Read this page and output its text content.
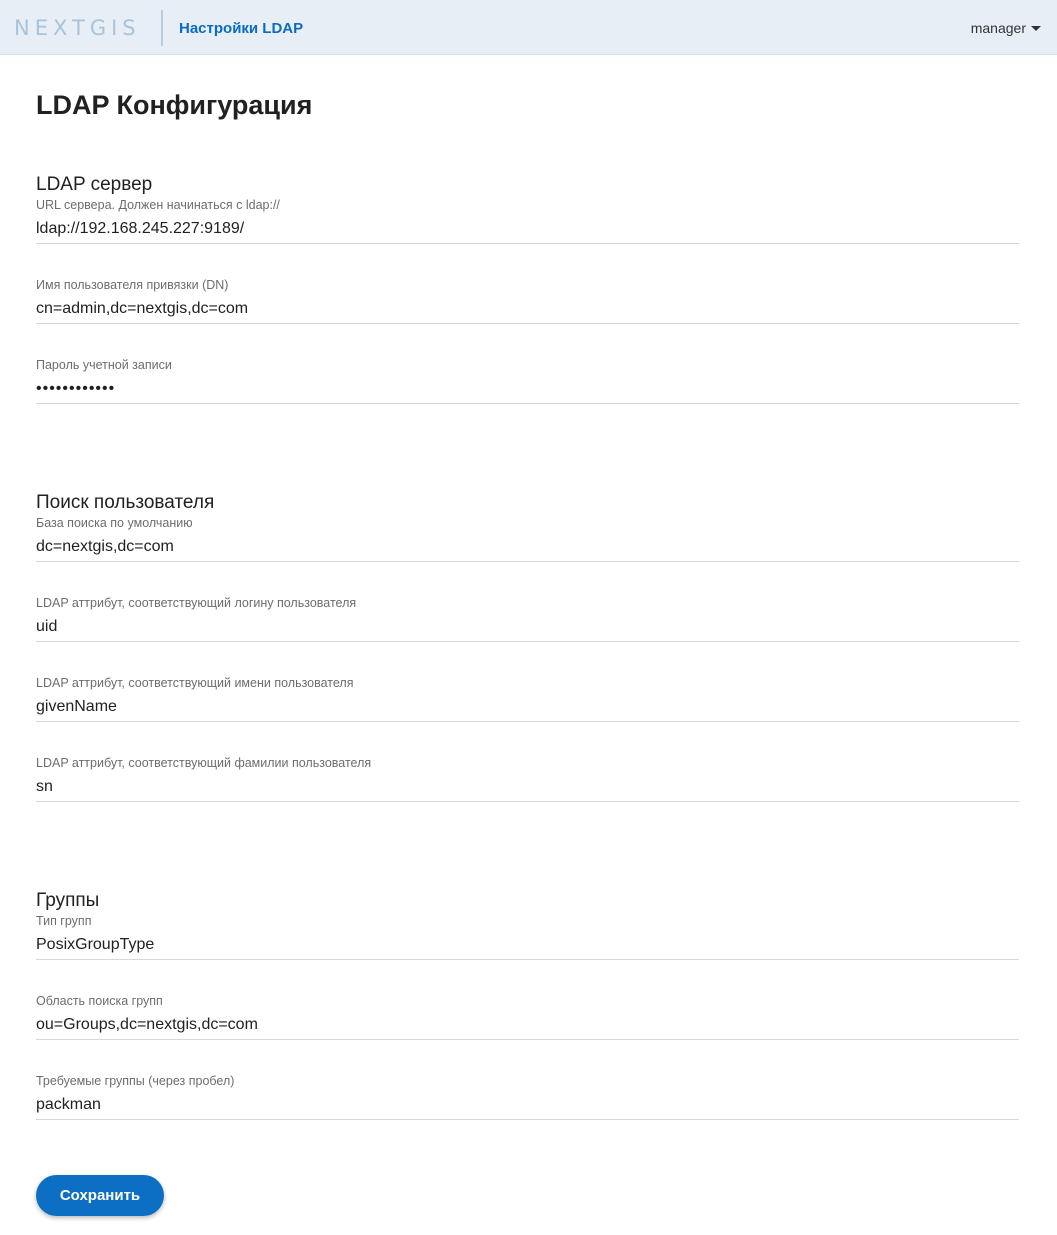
NEXTGIS	Настройки LDAP	manager
LDAP Конфигурация
LDAP сервер
URL сервера. Должен начинаться с ldap://
ldap://192.168.245.227:9189/
Имя пользователя привязки (DN)
cn=admin,dc=nextgis,dc=com
Пароль учетной записи
••••••••••••
Поиск пользователя
База поиска по умолчанию
dc=nextgis,dc=com
LDAP аттрибут, соответствующий логину пользователя
uid
LDAP аттрибут, соответствующий имени пользователя
givenName
LDAP аттрибут, соответствующий фамилии пользователя
sn
Группы
Тип групп
PosixGroupType
Область поиска групп
ou=Groups,dc=nextgis,dc=com
Требуемые группы (через пробел)
packman
Сохранить
